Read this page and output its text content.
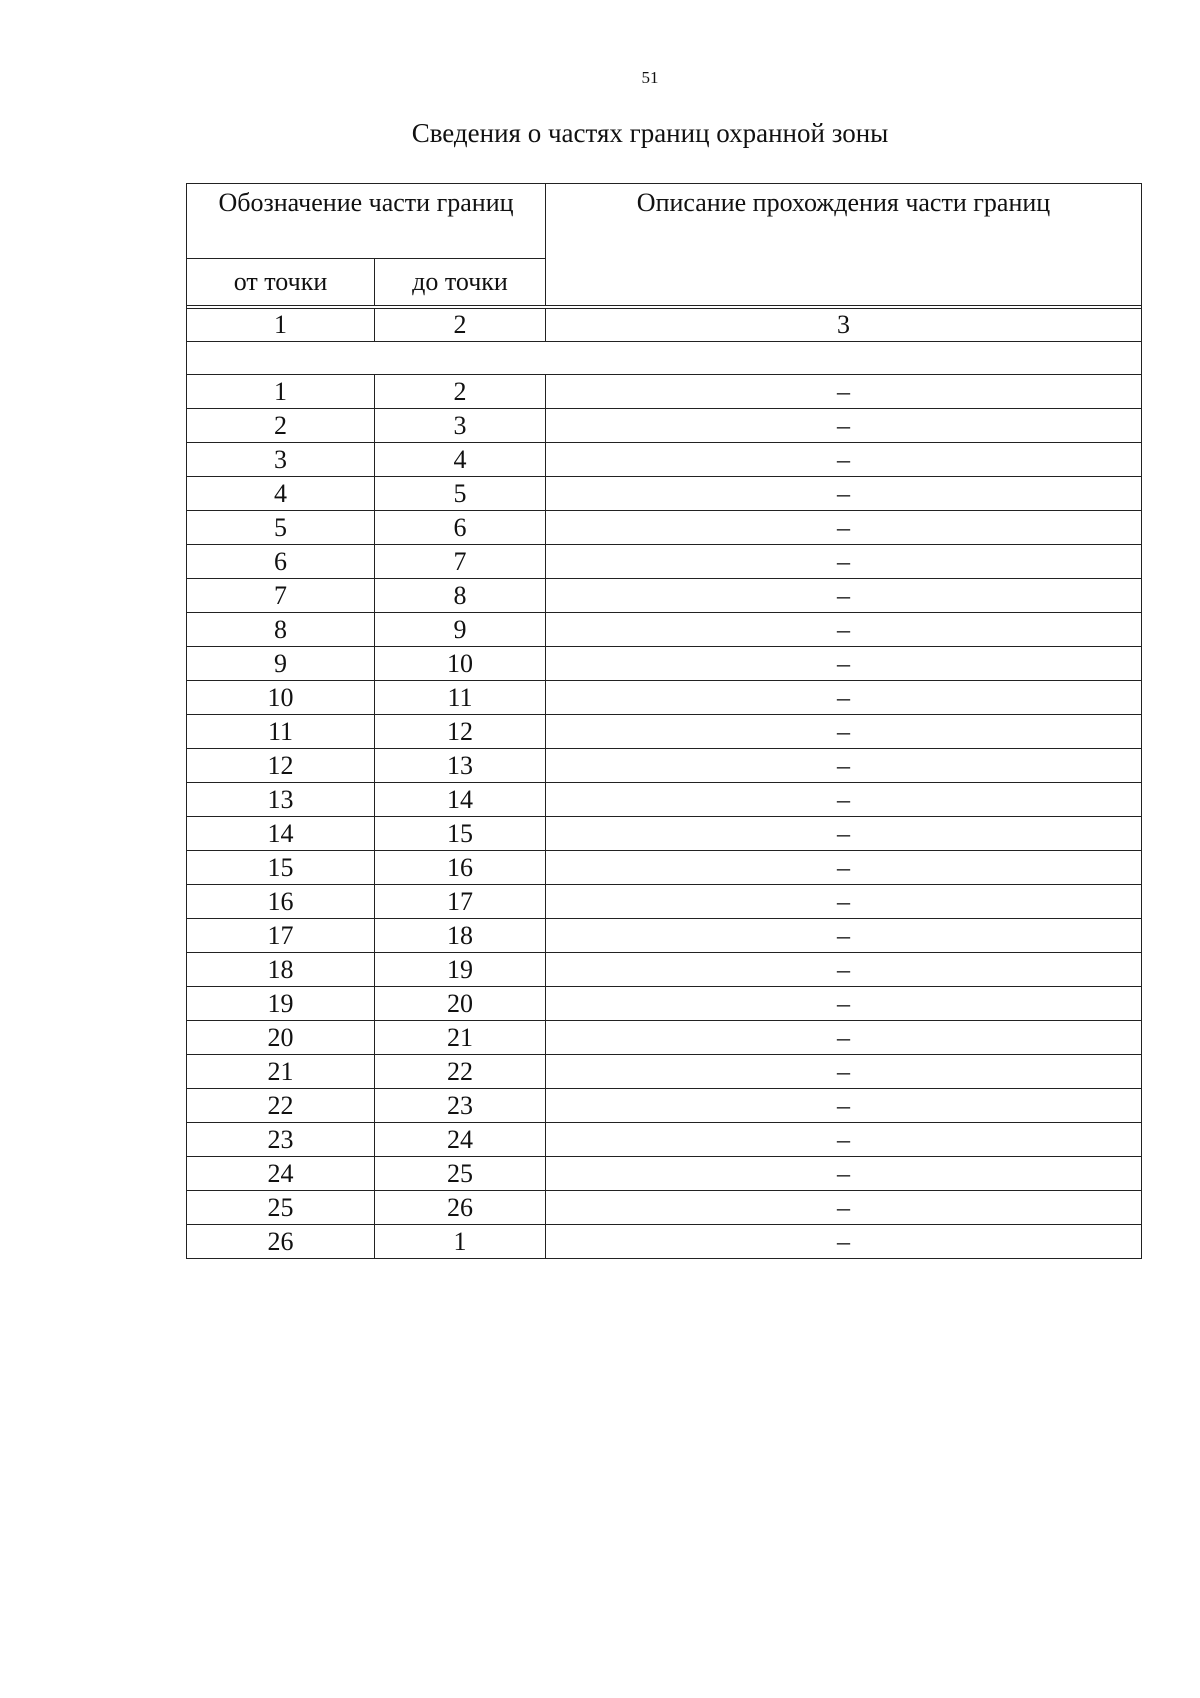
51
Сведения о частях границ охранной зоны
Обозначение части границ		Описание прохождения части границ
от точки	до точки	

1	2	3

1	2	–
2	3	–
3	4	–
4	5	–
5	6	–
6	7	–
7	8	–
8	9	–
9	10	–
10	11	–
11	12	–
12	13	–
13	14	–
14	15	–
15	16	–
16	17	–
17	18	–
18	19	–
19	20	–
20	21	–
21	22	–
22	23	–
23	24	–
24	25	–
25	26	–
26	1	–
